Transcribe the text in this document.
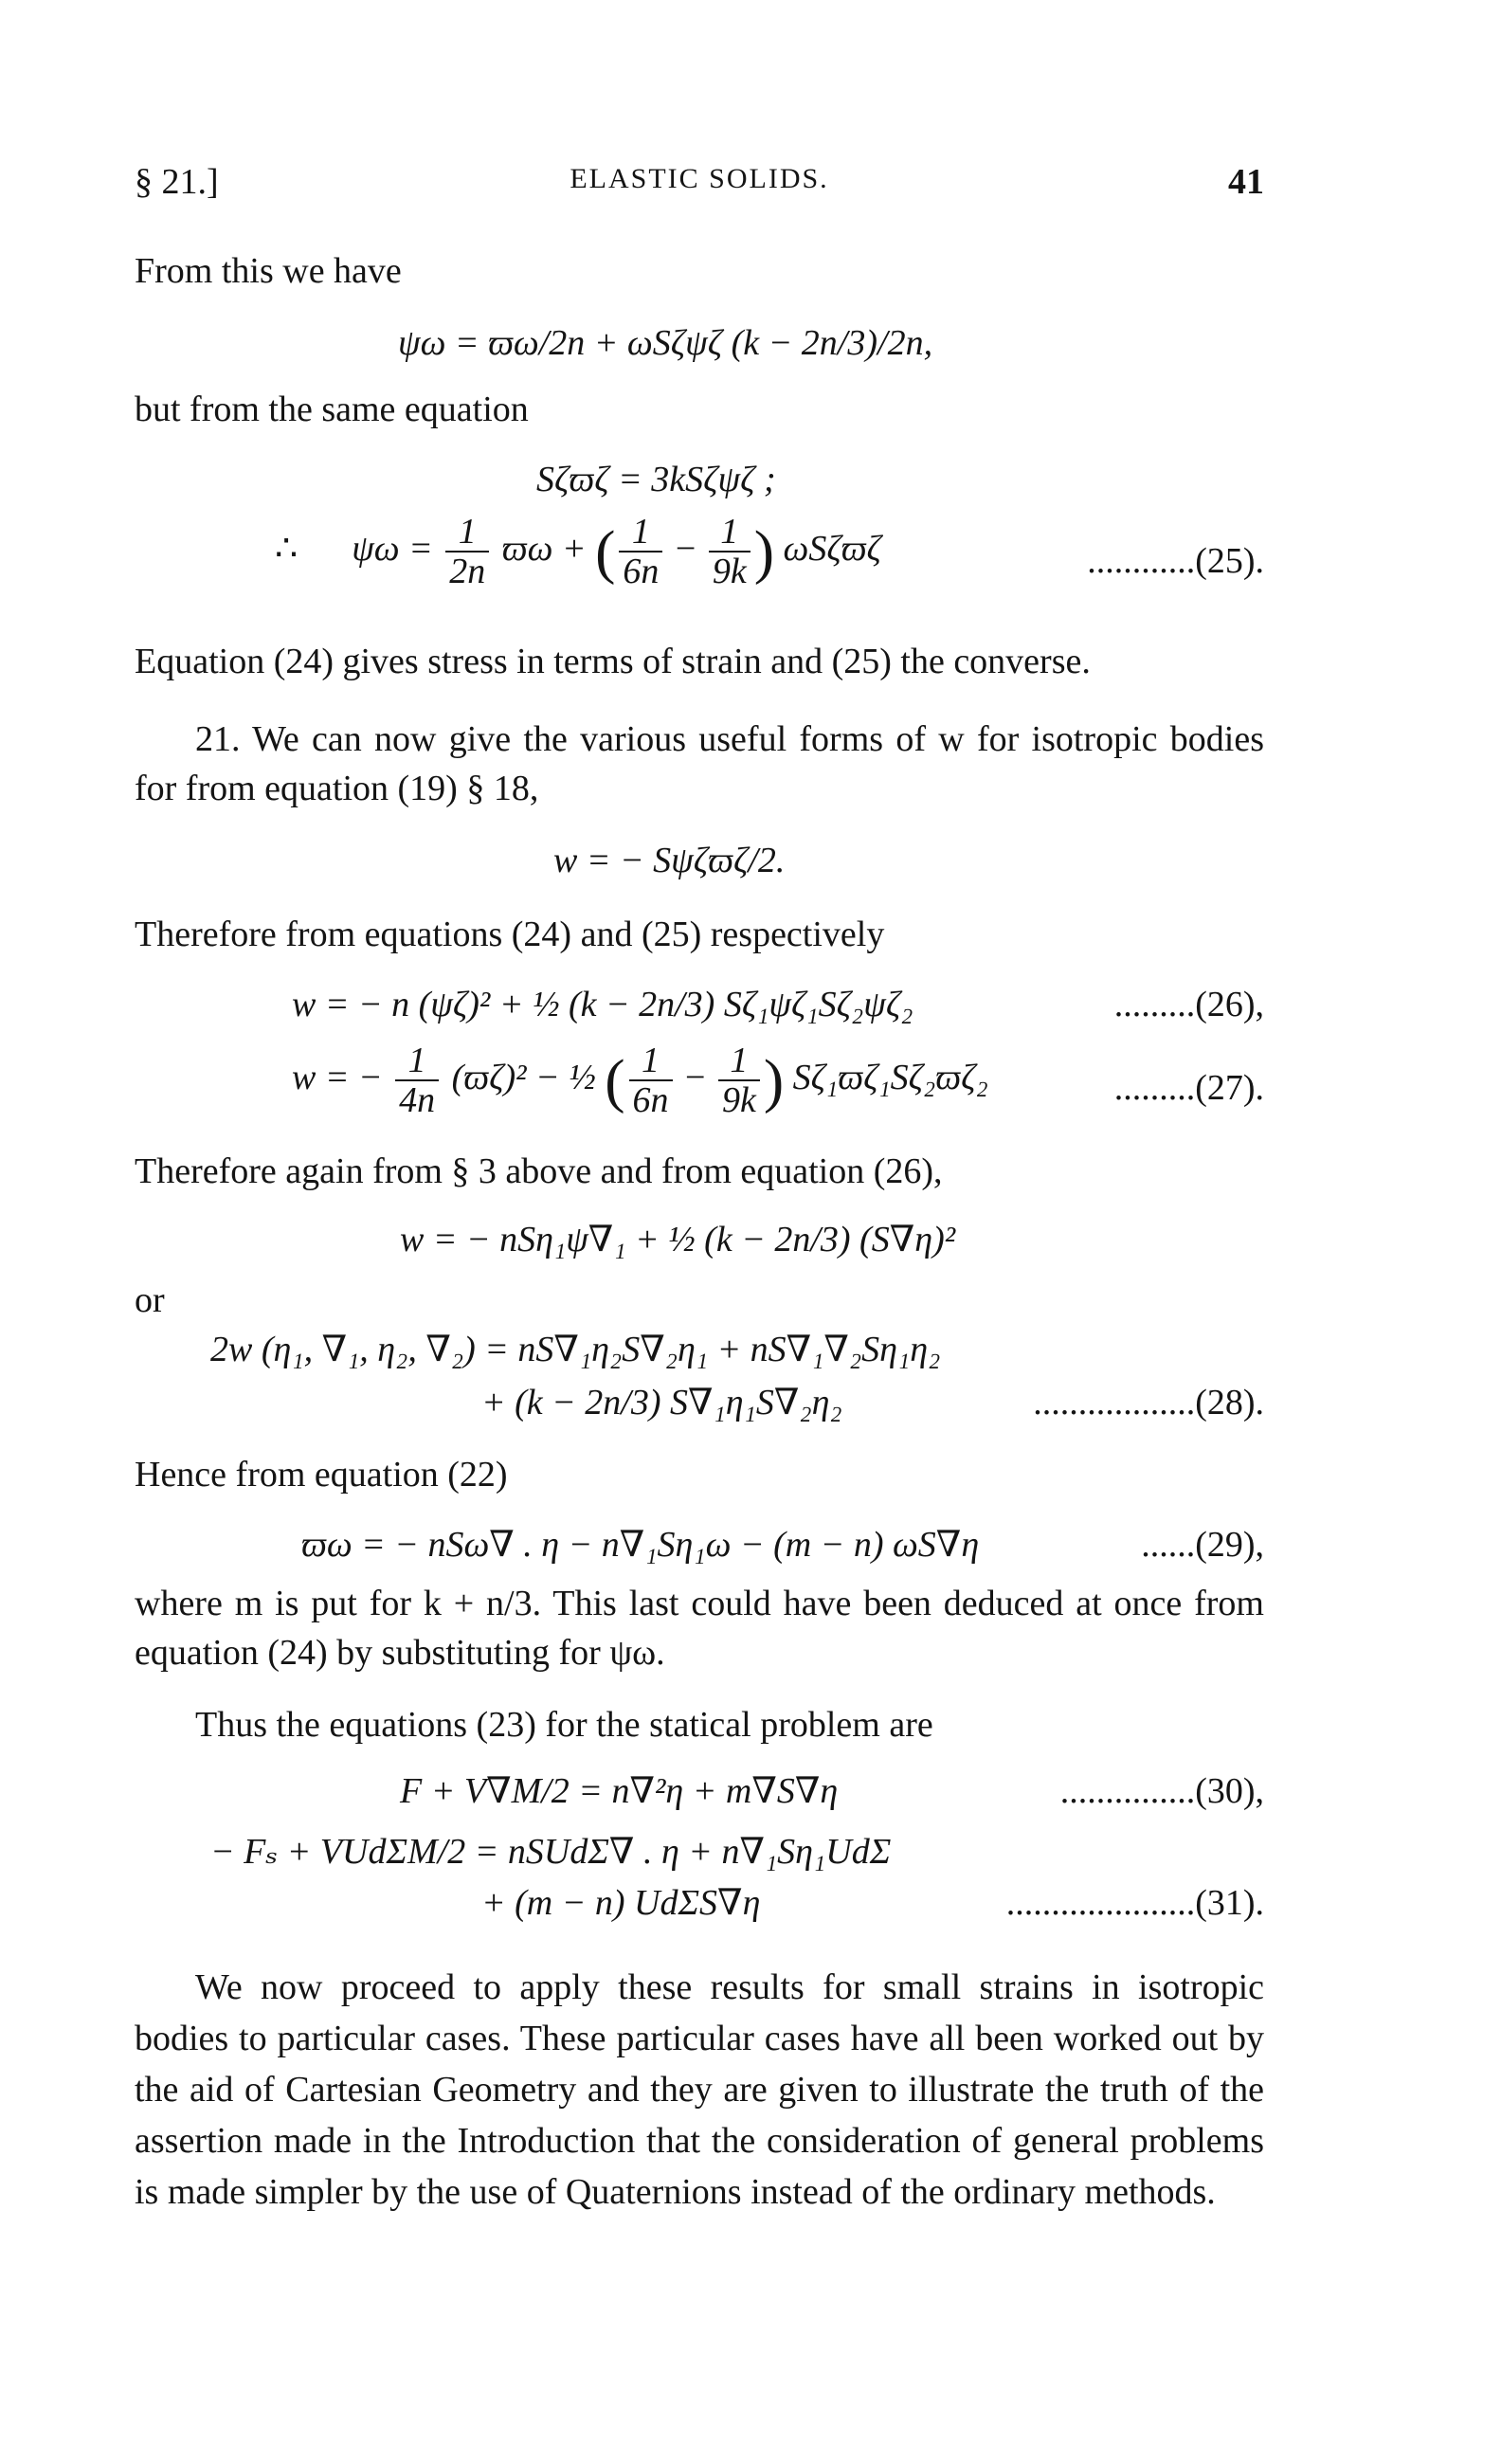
§ 21.]	ELASTIC SOLIDS.	41
From this we have
ψω = ϖω/2n + ωSζψζ (k − 2n/3)/2n,
but from the same equation
Sζϖζ = 3kSζψζ ;
∴ $\psi\omega = \frac{1}{2n}$ ϖω + ( $\frac{1}{6n} - \frac{1}{9k}$ ) ωSζϖζ	............(25).
Equation (24) gives stress in terms of strain and (25) the converse.
21. We can now give the various useful forms of w for isotropic bodies for from equation (19) § 18,
w = − Sψζϖζ/2.
Therefore from equations (24) and (25) respectively
w = − n (ψζ)² + ½ (k − 2n/3) Sζ₁ψζ₁Sζ₂ψζ₂	.........(26),
w = − $\frac{1}{4n} (ϖ\zeta)^2$ − ½ ( $\frac{1}{6n} - \frac{1}{9k}$ ) Sζ₁ϖζ₁Sζ₂ϖζ₂	.........(27).
Therefore again from § 3 above and from equation (26),
w = − nSη₁ψ∇₁ + ½ (k − 2n/3) (S∇η)²
or
2w (η₁, ∇₁, η₂, ∇₂) = nS∇₁η₂S∇₂η₁ + nS∇₁∇₂Sη₁η₂
+ (k − 2n/3) S∇₁η₁S∇₂η₂	..................(28).
Hence from equation (22)
ϖω = − nSω∇ . η − n∇₁Sη₁ω − (m − n) ωS∇η	......(29),
where m is put for k + n/3. This last could have been deduced at once from equation (24) by substituting for ψω.
Thus the equations (23) for the statical problem are
F + V∇M/2 = n∇²η + m∇S∇η	...............(30),
− Fₛ + VUdΣM/2 = nSUdΣ∇ . η + n∇₁Sη₁UdΣ
+ (m − n) UdΣS∇η	.....................(31).
We now proceed to apply these results for small strains in isotropic bodies to particular cases. These particular cases have all been worked out by the aid of Cartesian Geometry and they are given to illustrate the truth of the assertion made in the Introduction that the consideration of general problems is made simpler by the use of Quaternions instead of the ordinary methods.
